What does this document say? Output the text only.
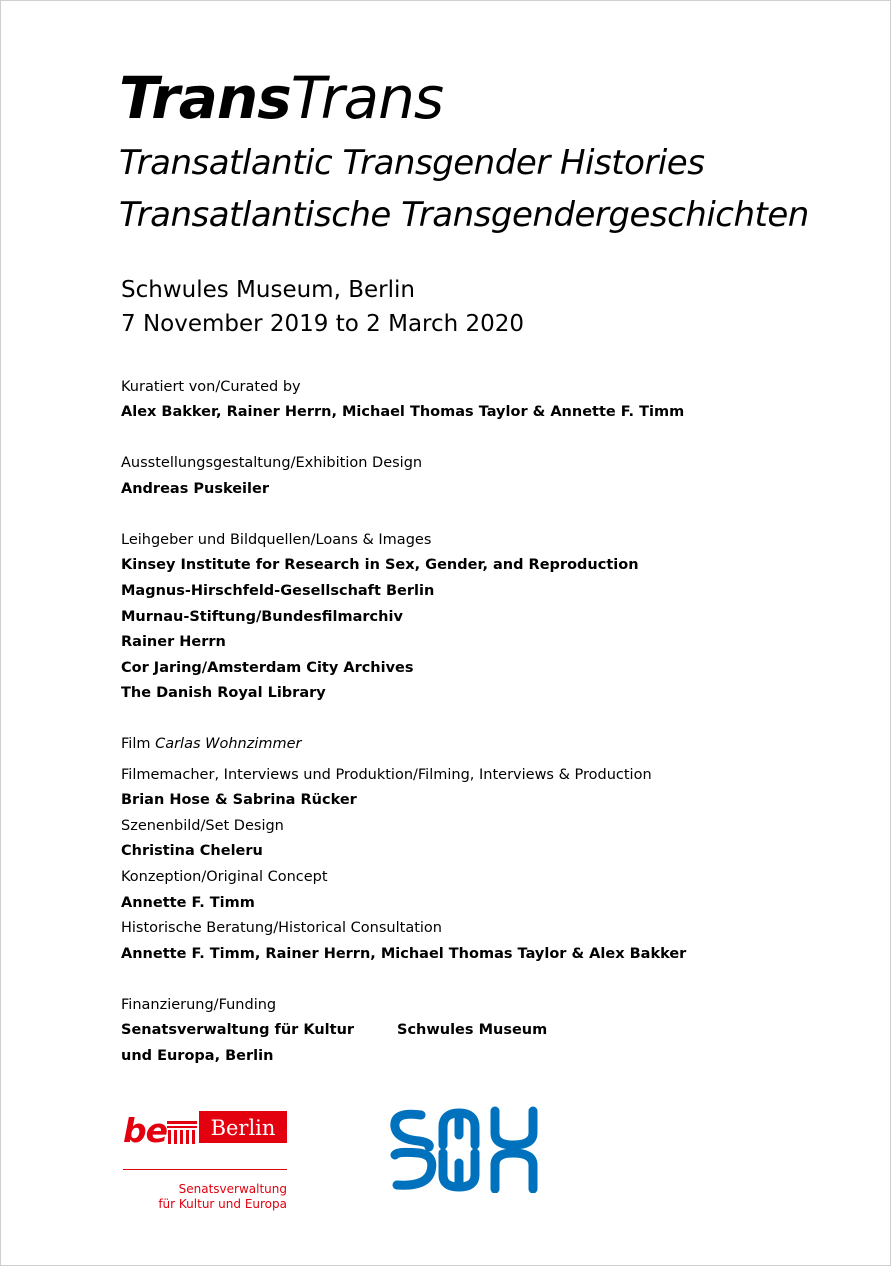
TransTrans
Transatlantic Transgender Histories
Transatlantische Transgendergeschichten
Schwules Museum, Berlin
7 November 2019 to 2 March 2020
Kuratiert von/Curated by
Alex Bakker, Rainer Herrn, Michael Thomas Taylor & Annette F. Timm
Ausstellungsgestaltung/Exhibition Design
Andreas Puskeiler
Leihgeber und Bildquellen/Loans & Images
Kinsey Institute for Research in Sex, Gender, and Reproduction
Magnus-Hirschfeld-Gesellschaft Berlin
Murnau-Stiftung/Bundesfilmarchiv
Rainer Herrn
Cor Jaring/Amsterdam City Archives
The Danish Royal Library
Film Carlas Wohnzimmer
Filmemacher, Interviews und Produktion/Filming, Interviews & Production
Brian Hose & Sabrina Rücker
Szenenbild/Set Design
Christina Cheleru
Konzeption/Original Concept
Annette F. Timm
Historische Beratung/Historical Consultation
Annette F. Timm, Rainer Herrn, Michael Thomas Taylor & Alex Bakker
Finanzierung/Funding
Senatsverwaltung für Kultur
und Europa, Berlin
Schwules Museum
be Berlin
Senatsverwaltung
für Kultur und Europa
